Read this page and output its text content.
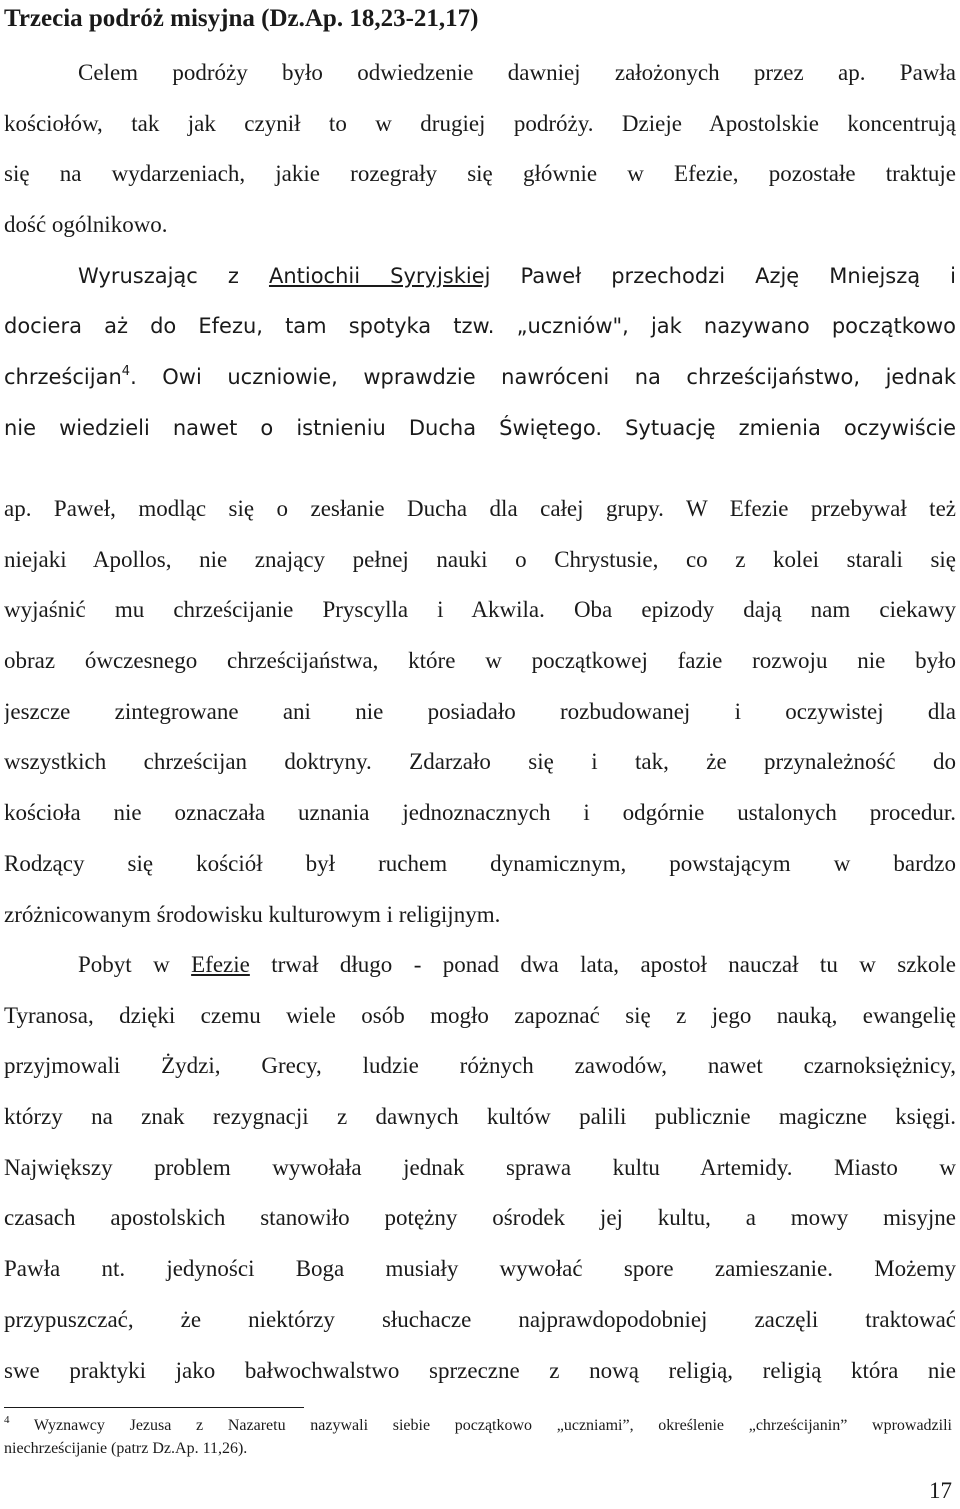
Trzecia podróż misyjna (Dz.Ap. 18,23-21,17)

Celem podróży było odwiedzenie dawniej założonych przez ap. Pawła
kościołów, tak jak czynił to w drugiej podróży. Dzieje Apostolskie koncentrują
się na wydarzeniach, jakie rozegrały się głównie w Efezie, pozostałe traktuje
dość ogólnikowo.

Wyruszając z Antiochii Syryjskiej Paweł przechodzi Azję Mniejszą i
dociera aż do Efezu, tam spotyka tzw. „uczniów", jak nazywano początkowo
chrześcijan$^4$. Owi uczniowie, wprawdzie nawróceni na chrześcijaństwo, jednak
nie wiedzieli nawet o istnieniu Ducha Świętego. Sytuację zmienia oczywiście

ap. Paweł, modląc się o zesłanie Ducha dla całej grupy. W Efezie przebywał też
niejaki Apollos, nie znający pełnej nauki o Chrystusie, co z kolei starali się
wyjaśnić mu chrześcijanie Pryscylla i Akwila. Oba epizody dają nam ciekawy
obraz ówczesnego chrześcijaństwa, które w początkowej fazie rozwoju nie było
jeszcze zintegrowane ani nie posiadało rozbudowanej i oczywistej dla
wszystkich chrześcijan doktryny. Zdarzało się i tak, że przynależność do
kościoła nie oznaczała uznania jednoznacznych i odgórnie ustalonych procedur.
Rodzący się kościół był ruchem dynamicznym, powstającym w bardzo
zróżnicowanym środowisku kulturowym i religijnym.

Pobyt w Efezie trwał długo - ponad dwa lata, apostoł nauczał tu w szkole
Tyranosa, dzięki czemu wiele osób mogło zapoznać się z jego nauką, ewangelię
przyjmowali Żydzi, Grecy, ludzie różnych zawodów, nawet czarnoksiężnicy,
którzy na znak rezygnacji z dawnych kultów palili publicznie magiczne księgi.
Największy problem wywołała jednak sprawa kultu Artemidy. Miasto w
czasach apostolskich stanowiło potężny ośrodek jej kultu, a mowy misyjne
Pawła nt. jedyności Boga musiały wywołać spore zamieszanie. Możemy
przypuszczać, że niektórzy słuchacze najprawdopodobniej zaczęli traktować
swe praktyki jako bałwochwalstwo sprzeczne z nową religią, religią która nie

$^4$ Wyznawcy Jezusa z Nazaretu nazywali siebie początkowo „uczniami”, określenie „chrześcijanin” wprowadzili
niechrześcijanie (patrz Dz.Ap. 11,26).
17
